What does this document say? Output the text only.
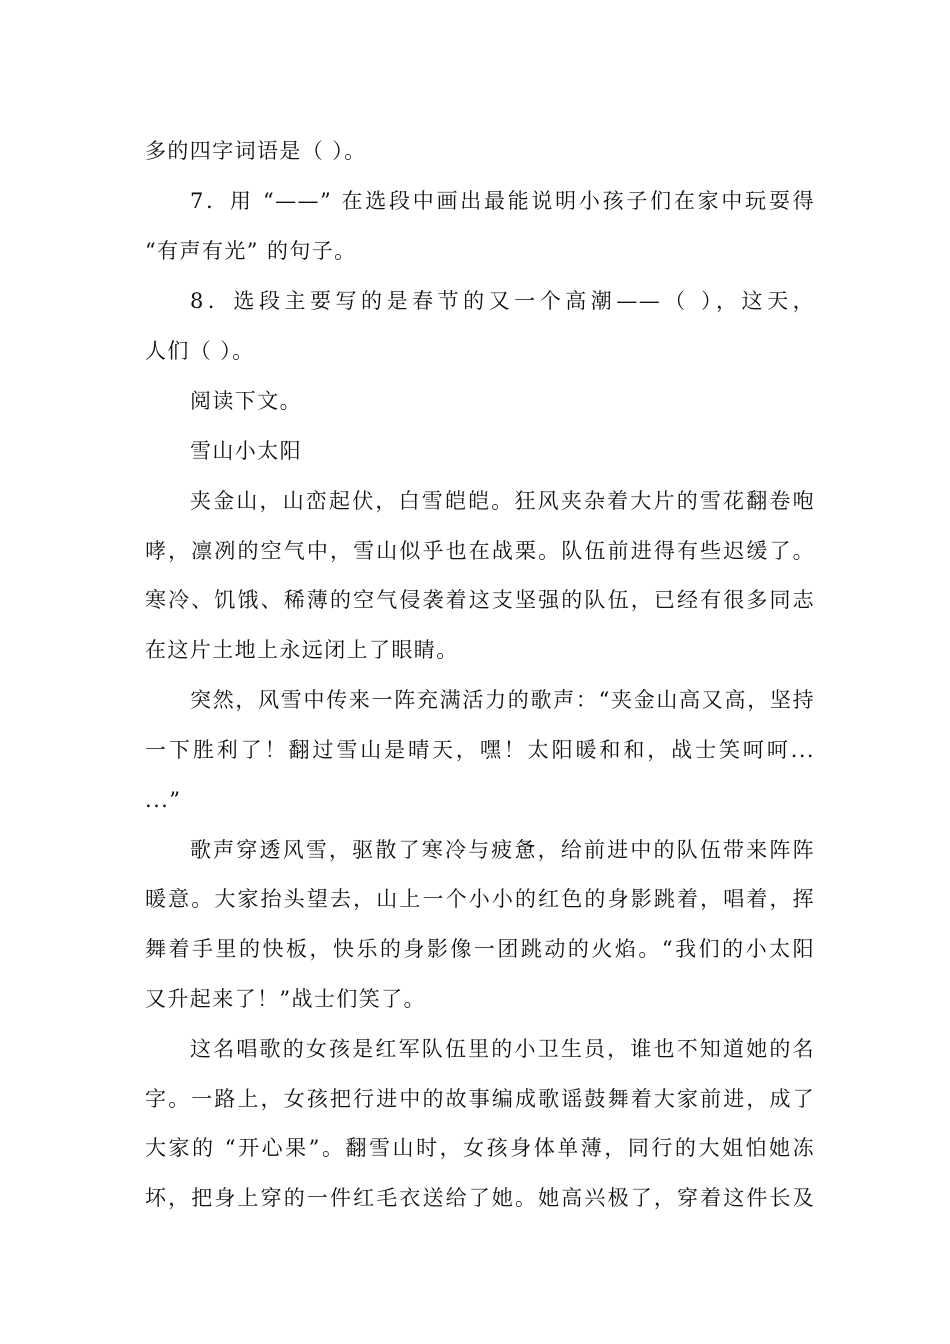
多的四字词语是（ ）。
7．用 “——” 在选段中画出最能说明小孩子们在家中玩耍得
“有声有光” 的句子。
8．选段主要写的是春节的又一个高潮——（ ），这天，
人们（ ）。
阅读下文。
雪山小太阳
夹金山，山峦起伏，白雪皑皑。狂风夹杂着大片的雪花翻卷咆
哮，凛冽的空气中，雪山似乎也在战栗。队伍前进得有些迟缓了。
寒冷、饥饿、稀薄的空气侵袭着这支坚强的队伍，已经有很多同志
在这片土地上永远闭上了眼睛。
突然，风雪中传来一阵充满活力的歌声：“夹金山高又高，坚持
一下胜利了！翻过雪山是晴天，嘿！太阳暖和和，战士笑呵呵...
...”
歌声穿透风雪，驱散了寒冷与疲惫，给前进中的队伍带来阵阵
暖意。大家抬头望去，山上一个小小的红色的身影跳着，唱着，挥
舞着手里的快板，快乐的身影像一团跳动的火焰。“我们的小太阳
又升起来了！”战士们笑了。
这名唱歌的女孩是红军队伍里的小卫生员，谁也不知道她的名
字。一路上，女孩把行进中的故事编成歌谣鼓舞着大家前进，成了
大家的 “开心果”。翻雪山时，女孩身体单薄，同行的大姐怕她冻
坏，把身上穿的一件红毛衣送给了她。她高兴极了，穿着这件长及
